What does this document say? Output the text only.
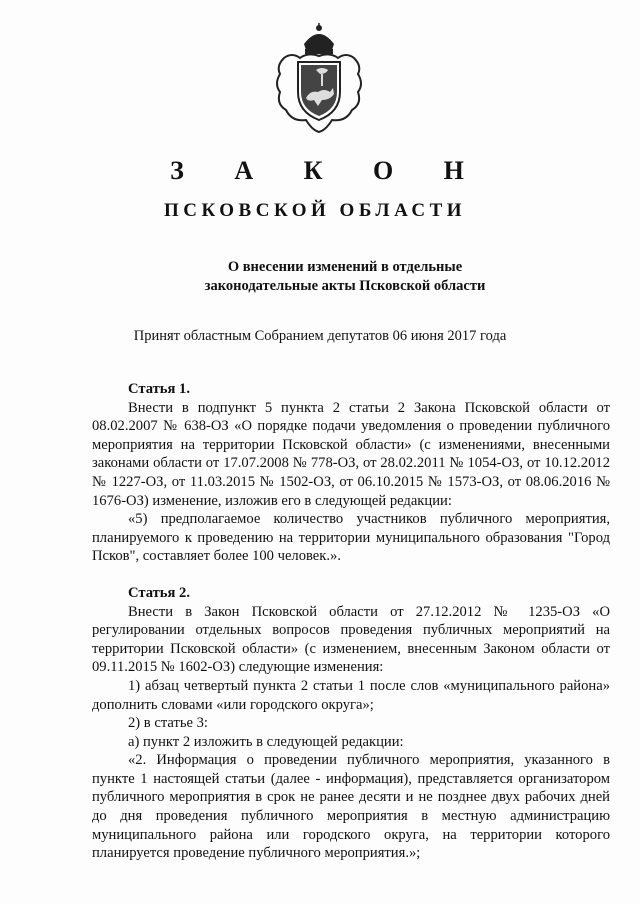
З А К О Н
ПСКОВСКОЙ ОБЛАСТИ
О внесении изменений в отдельные
законодательные акты Псковской области
Принят областным Собранием депутатов 06 июня 2017 года
Статья 1.

Внести в подпункт 5 пункта 2 статьи 2 Закона Псковской области от 08.02.2007 № 638-ОЗ «О порядке подачи уведомления о проведении публичного мероприятия на территории Псковской области» (с изменениями, внесенными законами области от 17.07.2008 № 778-ОЗ, от 28.02.2011 № 1054-ОЗ, от 10.12.2012 № 1227-ОЗ, от 11.03.2015 № 1502-ОЗ, от 06.10.2015 № 1573-ОЗ, от 08.06.2016 № 1676-ОЗ) изменение, изложив его в следующей редакции:

«5) предполагаемое количество участников публичного мероприятия, планируемого к проведению на территории муниципального образования "Город Псков", составляет более 100 человек.».

Статья 2.

Внести в Закон Псковской области от 27.12.2012 № 1235-ОЗ «О регулировании отдельных вопросов проведения публичных мероприятий на территории Псковской области» (с изменением, внесенным Законом области от 09.11.2015 № 1602-ОЗ) следующие изменения:

1) абзац четвертый пункта 2 статьи 1 после слов «муниципального района» дополнить словами «или городского округа»;

2) в статье 3:

а) пункт 2 изложить в следующей редакции:

«2. Информация о проведении публичного мероприятия, указанного в пункте 1 настоящей статьи (далее - информация), представляется организатором публичного мероприятия в срок не ранее десяти и не позднее двух рабочих дней до дня проведения публичного мероприятия в местную администрацию муниципального района или городского округа, на территории которого планируется проведение публичного мероприятия.»;
